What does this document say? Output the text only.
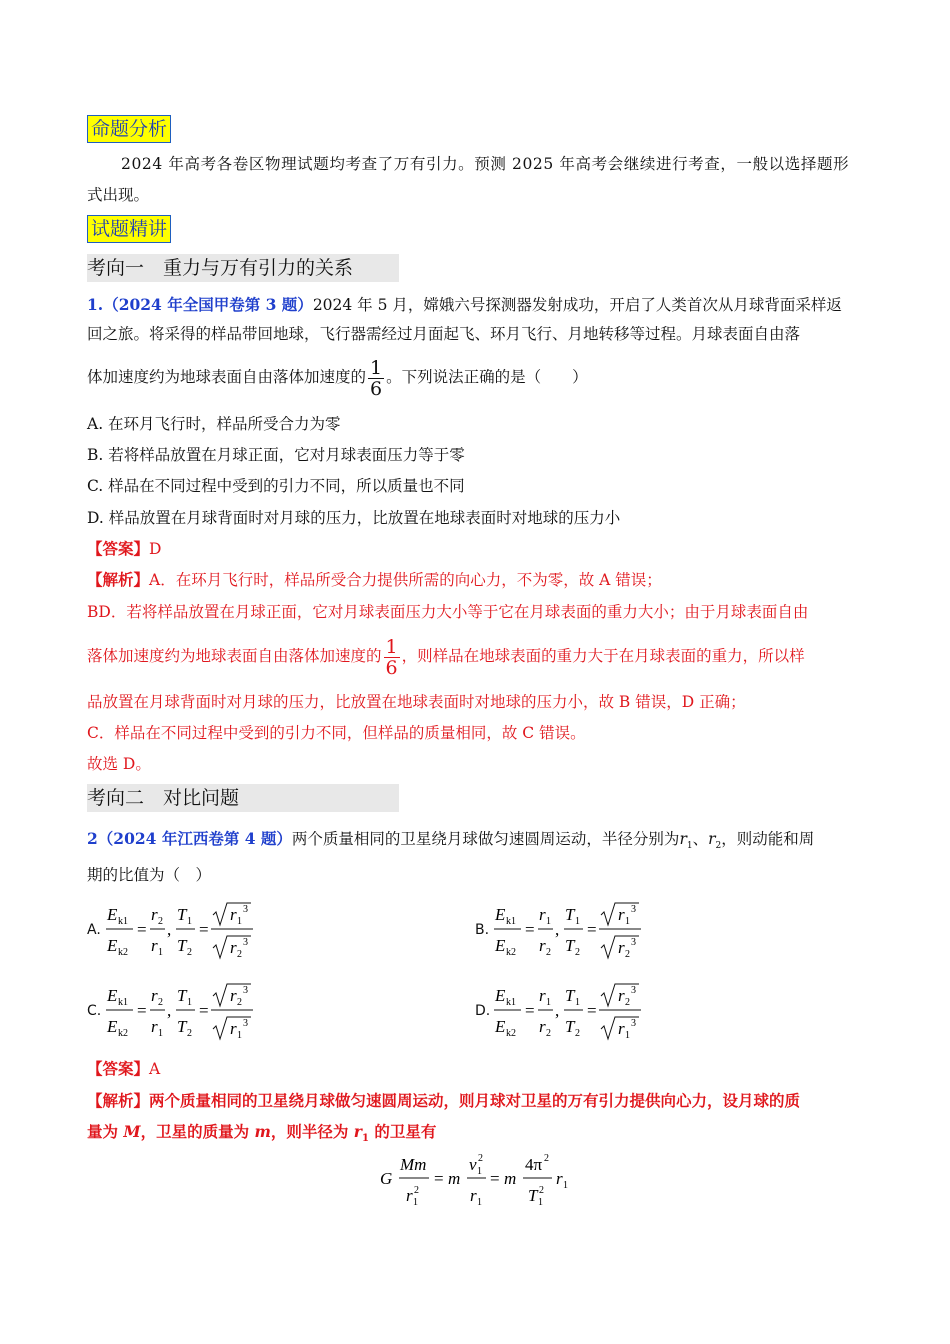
命题分析
2024 年高考各卷区物理试题均考查了万有引力。预测 2025 年高考会继续进行考查，一般以选择题形
式出现。
试题精讲
考向一　 重力与万有引力的关系
1.（2024 年全国甲卷第 3 题）2024 年 5 月，嫦娥六号探测器发射成功，开启了人类首次从月球背面采样返
回之旅。将采得的样品带回地球，飞行器需经过月面起飞、环月飞行、月地转移等过程。月球表面自由落
体加速度约为地球表面自由落体加速度的 $\frac{1}{6}$ 。下列说法正确的是（　　）
A. 在环月飞行时，样品所受合力为零
B. 若将样品放置在月球正面，它对月球表面压力等于零
C. 样品在不同过程中受到的引力不同，所以质量也不同
D. 样品放置在月球背面时对月球的压力，比放置在地球表面时对地球的压力小
【答案】D
【解析】A．在环月飞行时，样品所受合力提供所需的向心力，不为零，故 A 错误；
BD．若将样品放置在月球正面，它对月球表面压力大小等于它在月球表面的重力大小；由于月球表面自由
落体加速度约为地球表面自由落体加速度的 $\frac{1}{6}$ ，则样品在地球表面的重力大于在月球表面的重力，所以样
品放置在月球背面时对月球的压力，比放置在地球表面时对地球的压力小，故 B 错误，D 正确；
C．样品在不同过程中受到的引力不同，但样品的质量相同，故 C 错误。
故选 D。
考向二　 对比问题
2（2024 年江西卷第 4 题）两个质量相同的卫星绕月球做匀速圆周运动，半径分别为$r_1$、$r_2$，则动能和周
期的比值为（　）
A.
E k1
E k2
=
r 2
r 1
,
T 1
T 2
=
r 1
3
r 2
3
B.
E k1
E k2
=
r 1
r 2
,
T 1
T 2
=
r 1
3
r 2
3
C.
E k1
E k2
=
r 2
r 1
,
T 1
T 2
=
r 2
3
r 1
3
D.
E k1
E k2
=
r 1
r 2
,
T 1
T 2
=
r 2
3
r 1
3
【答案】A
【解析】两个质量相同的卫星绕月球做匀速圆周运动，则月球对卫星的万有引力提供向心力，设月球的质
量为 M，卫星的质量为 m，则半径为 $r_1$ 的卫星有
G
Mm
r 1
2
= m
v 1
2
r 1
= m
4π 2
T 1
2
r 1
